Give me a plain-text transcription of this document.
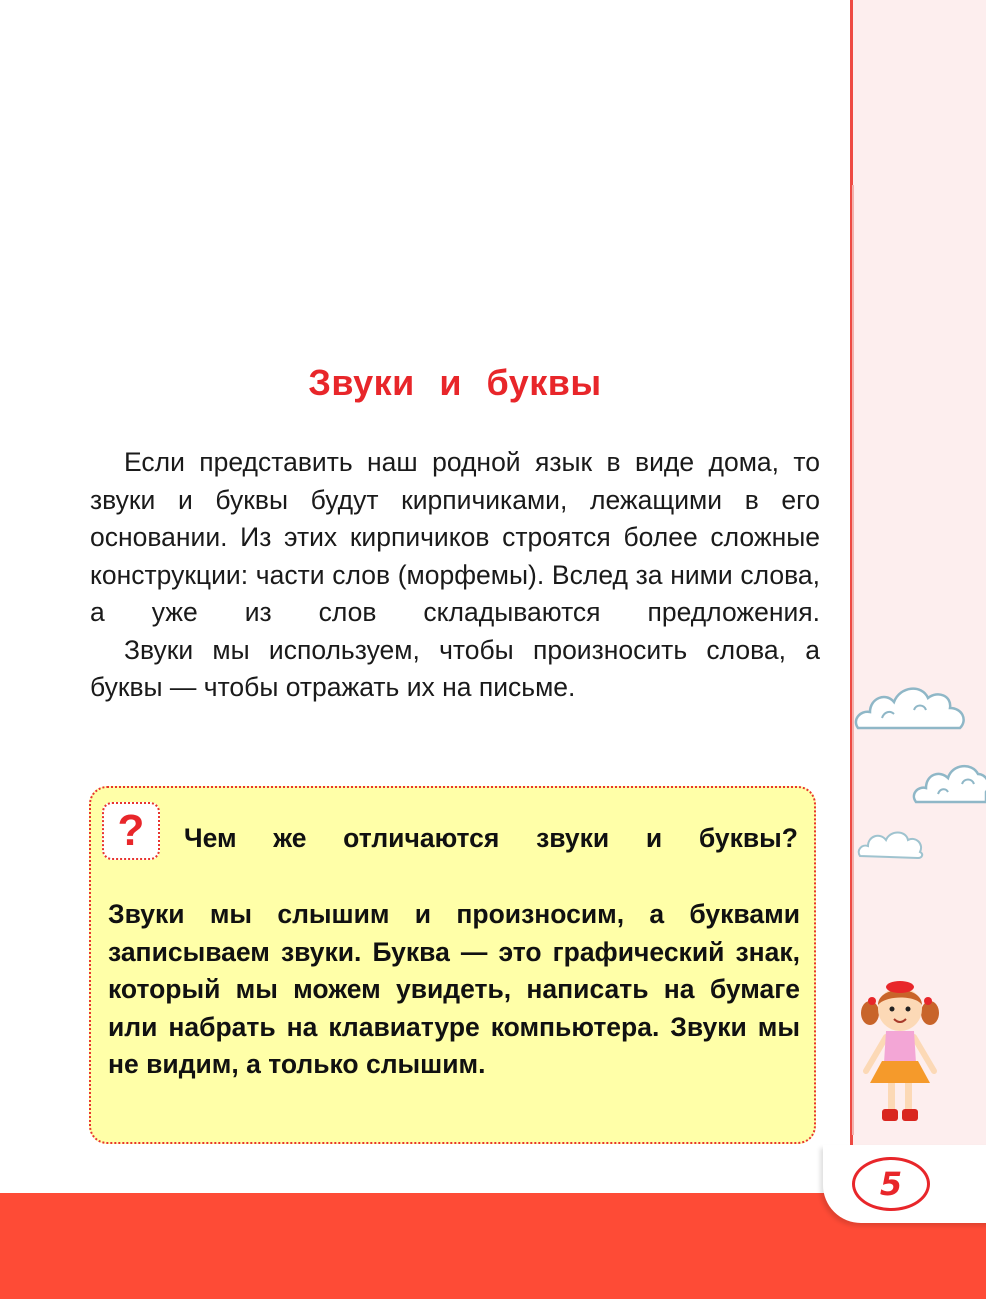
5
Звуки и буквы

Если представить наш родной язык в виде дома, то звуки и буквы будут кирпичиками, лежащими в его основании. Из этих кирпичиков строятся более сложные конструкции: части слов (морфемы). Вслед за ними слова, а уже из слов складываются предложения.

Звуки мы используем, чтобы произносить слова, а буквы — чтобы отражать их на письме.

?	Чем же отличаются звуки и буквы?

Звуки мы слышим и произносим, а буквами записываем звуки. Буква — это графический знак, который мы можем увидеть, написать на бумаге или набрать на клавиатуре компьютера. Звуки мы не видим, а только слышим.
